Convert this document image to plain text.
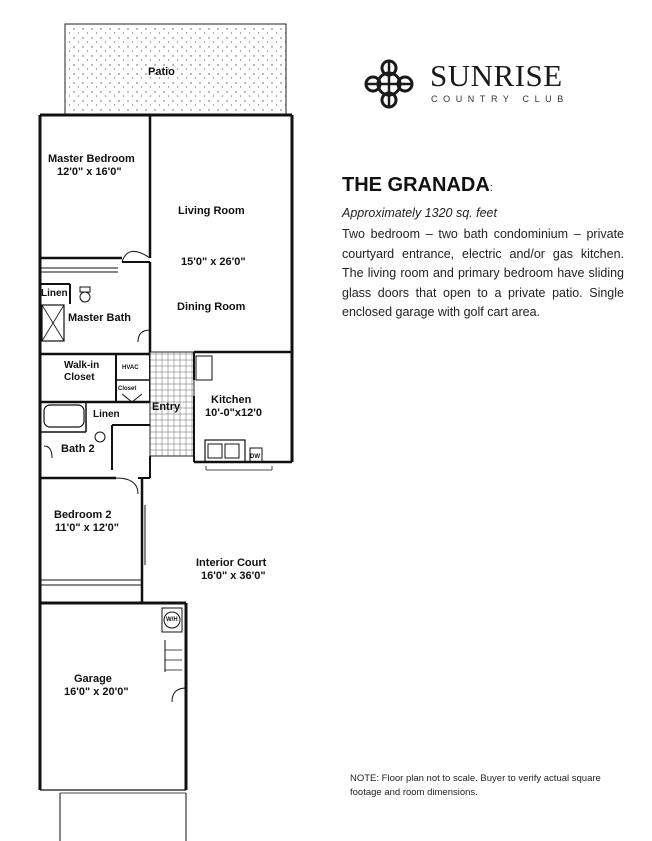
Patio
Master Bedroom
12'0" x 16'0"
Living Room
15'0" x 26'0"
Dining Room
Linen
Master Bath
Walk-in
Closet
HVAC
Closet
Linen
Entry
Kitchen
10'-0"x12'0
DW
Bath 2
Bedroom 2
11'0" x 12'0"
Interior Court
16'0" x 36'0"
W/H
Garage
16'0" x 20'0"
SUNRISE
COUNTRY CLUB
THE GRANADA:
Approximately 1320 sq. feet
Two bedroom – two bath condominium – private courtyard entrance, electric and/or gas kitchen. The living room and primary bedroom have sliding glass doors that open to a private patio. Single enclosed garage with golf cart area.
NOTE: Floor plan not to scale. Buyer to verify actual square footage and room dimensions.
